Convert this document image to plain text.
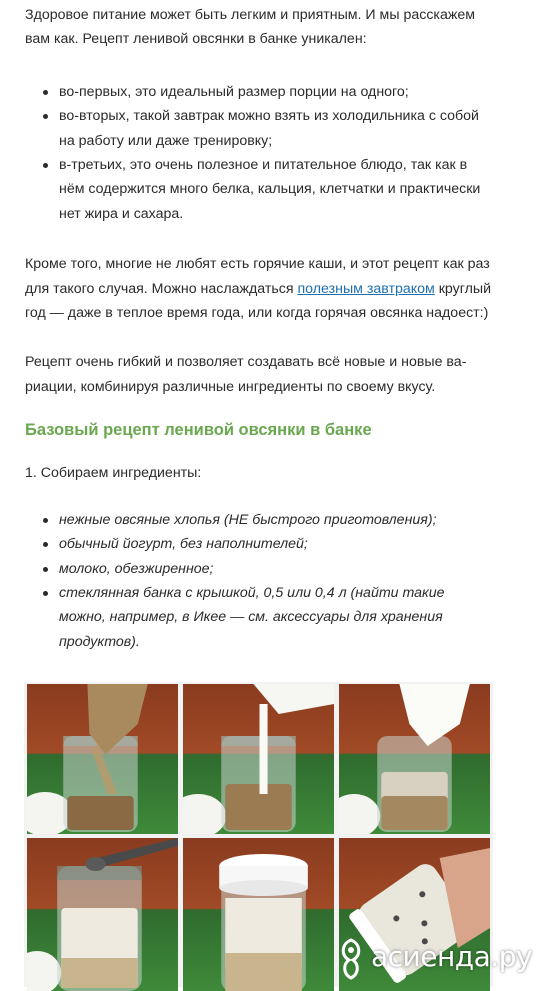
Здоровое питание может быть легким и приятным. И мы расскажем вам как. Рецепт ленивой овсянки в банке уникален:

во-первых, это идеальный размер порции на одного;
во-вторых, такой завтрак можно взять из холодильника с собой на работу или даже тренировку;
в-третьих, это очень полезное и питательное блюдо, так как в нём содержится много белка, кальция, клетчатки и практически нет жира и сахара.

Кроме того, многие не любят есть горячие каши, и этот рецепт как раз для такого случая. Можно наслаждаться полезным завтраком круглый год — даже в теплое время года, или когда горячая овсянка надоест:)

Рецепт очень гибкий и позволяет создавать всё новые и новые вариации, комбинируя различные ингредиенты по своему вкусу.

Базовый рецепт ленивой овсянки в банке

1. Собираем ингредиенты:

нежные овсяные хлопья (НЕ быстрого приготовления);
обычный йогурт, без наполнителей;
молоко, обезжиренное;
стеклянная банка с крышкой, 0,5 или 0,4 л (найти такие можно, например, в Икее — см. аксессуары для хранения продуктов).
асиенда.ру
